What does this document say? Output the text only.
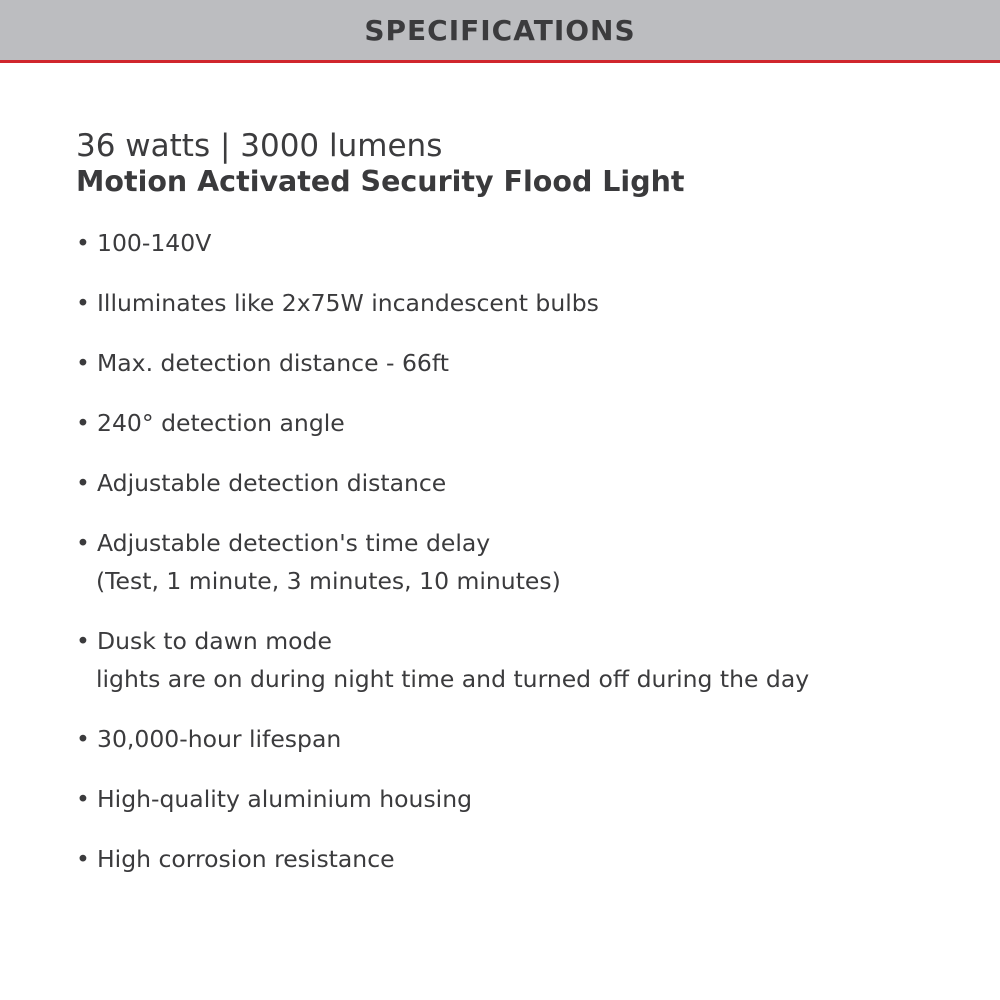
SPECIFICATIONS
36 watts | 3000 lumens
Motion Activated Security Flood Light
• 100-140V
• Illuminates like 2x75W incandescent bulbs
• Max. detection distance - 66ft
• 240° detection angle
• Adjustable detection distance
• Adjustable detection's time delay
(Test, 1 minute, 3 minutes, 10 minutes)
• Dusk to dawn mode
lights are on during night time and turned off during the day
• 30,000-hour lifespan
• High-quality aluminium housing
• High corrosion resistance
